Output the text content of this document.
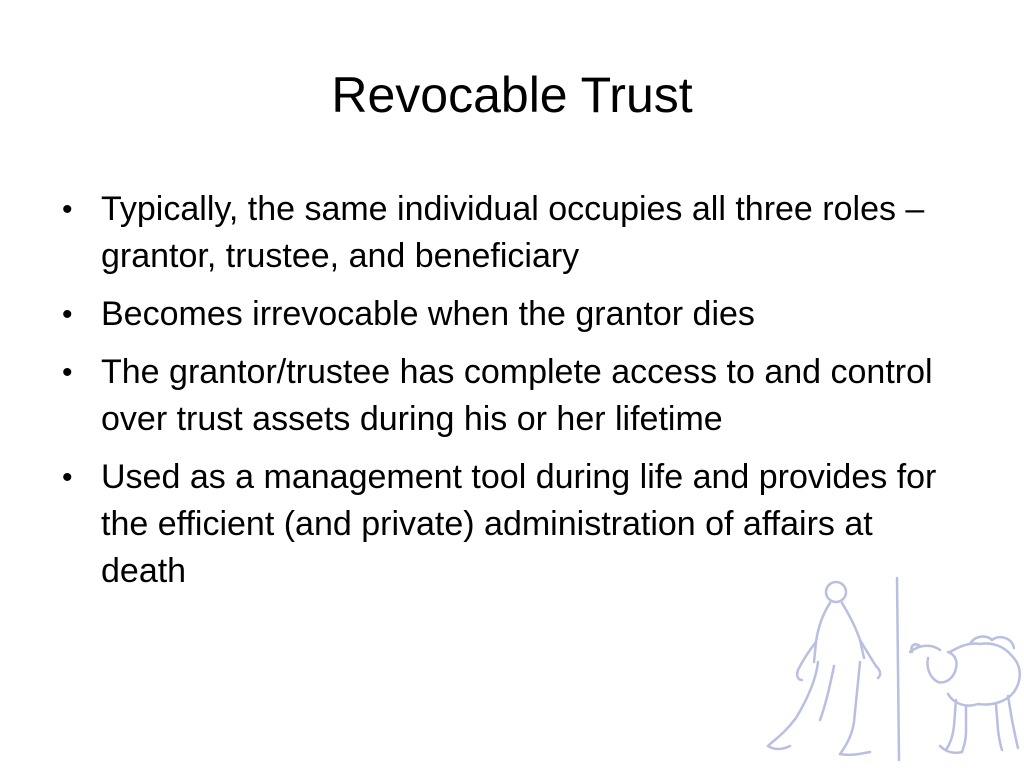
Revocable Trust
• Typically, the same individual occupies all three roles – grantor, trustee, and beneficiary
• Becomes irrevocable when the grantor dies
• The grantor/trustee has complete access to and control over trust assets during his or her lifetime
• Used as a management tool during life and provides for the efficient (and private) administration of affairs at death
